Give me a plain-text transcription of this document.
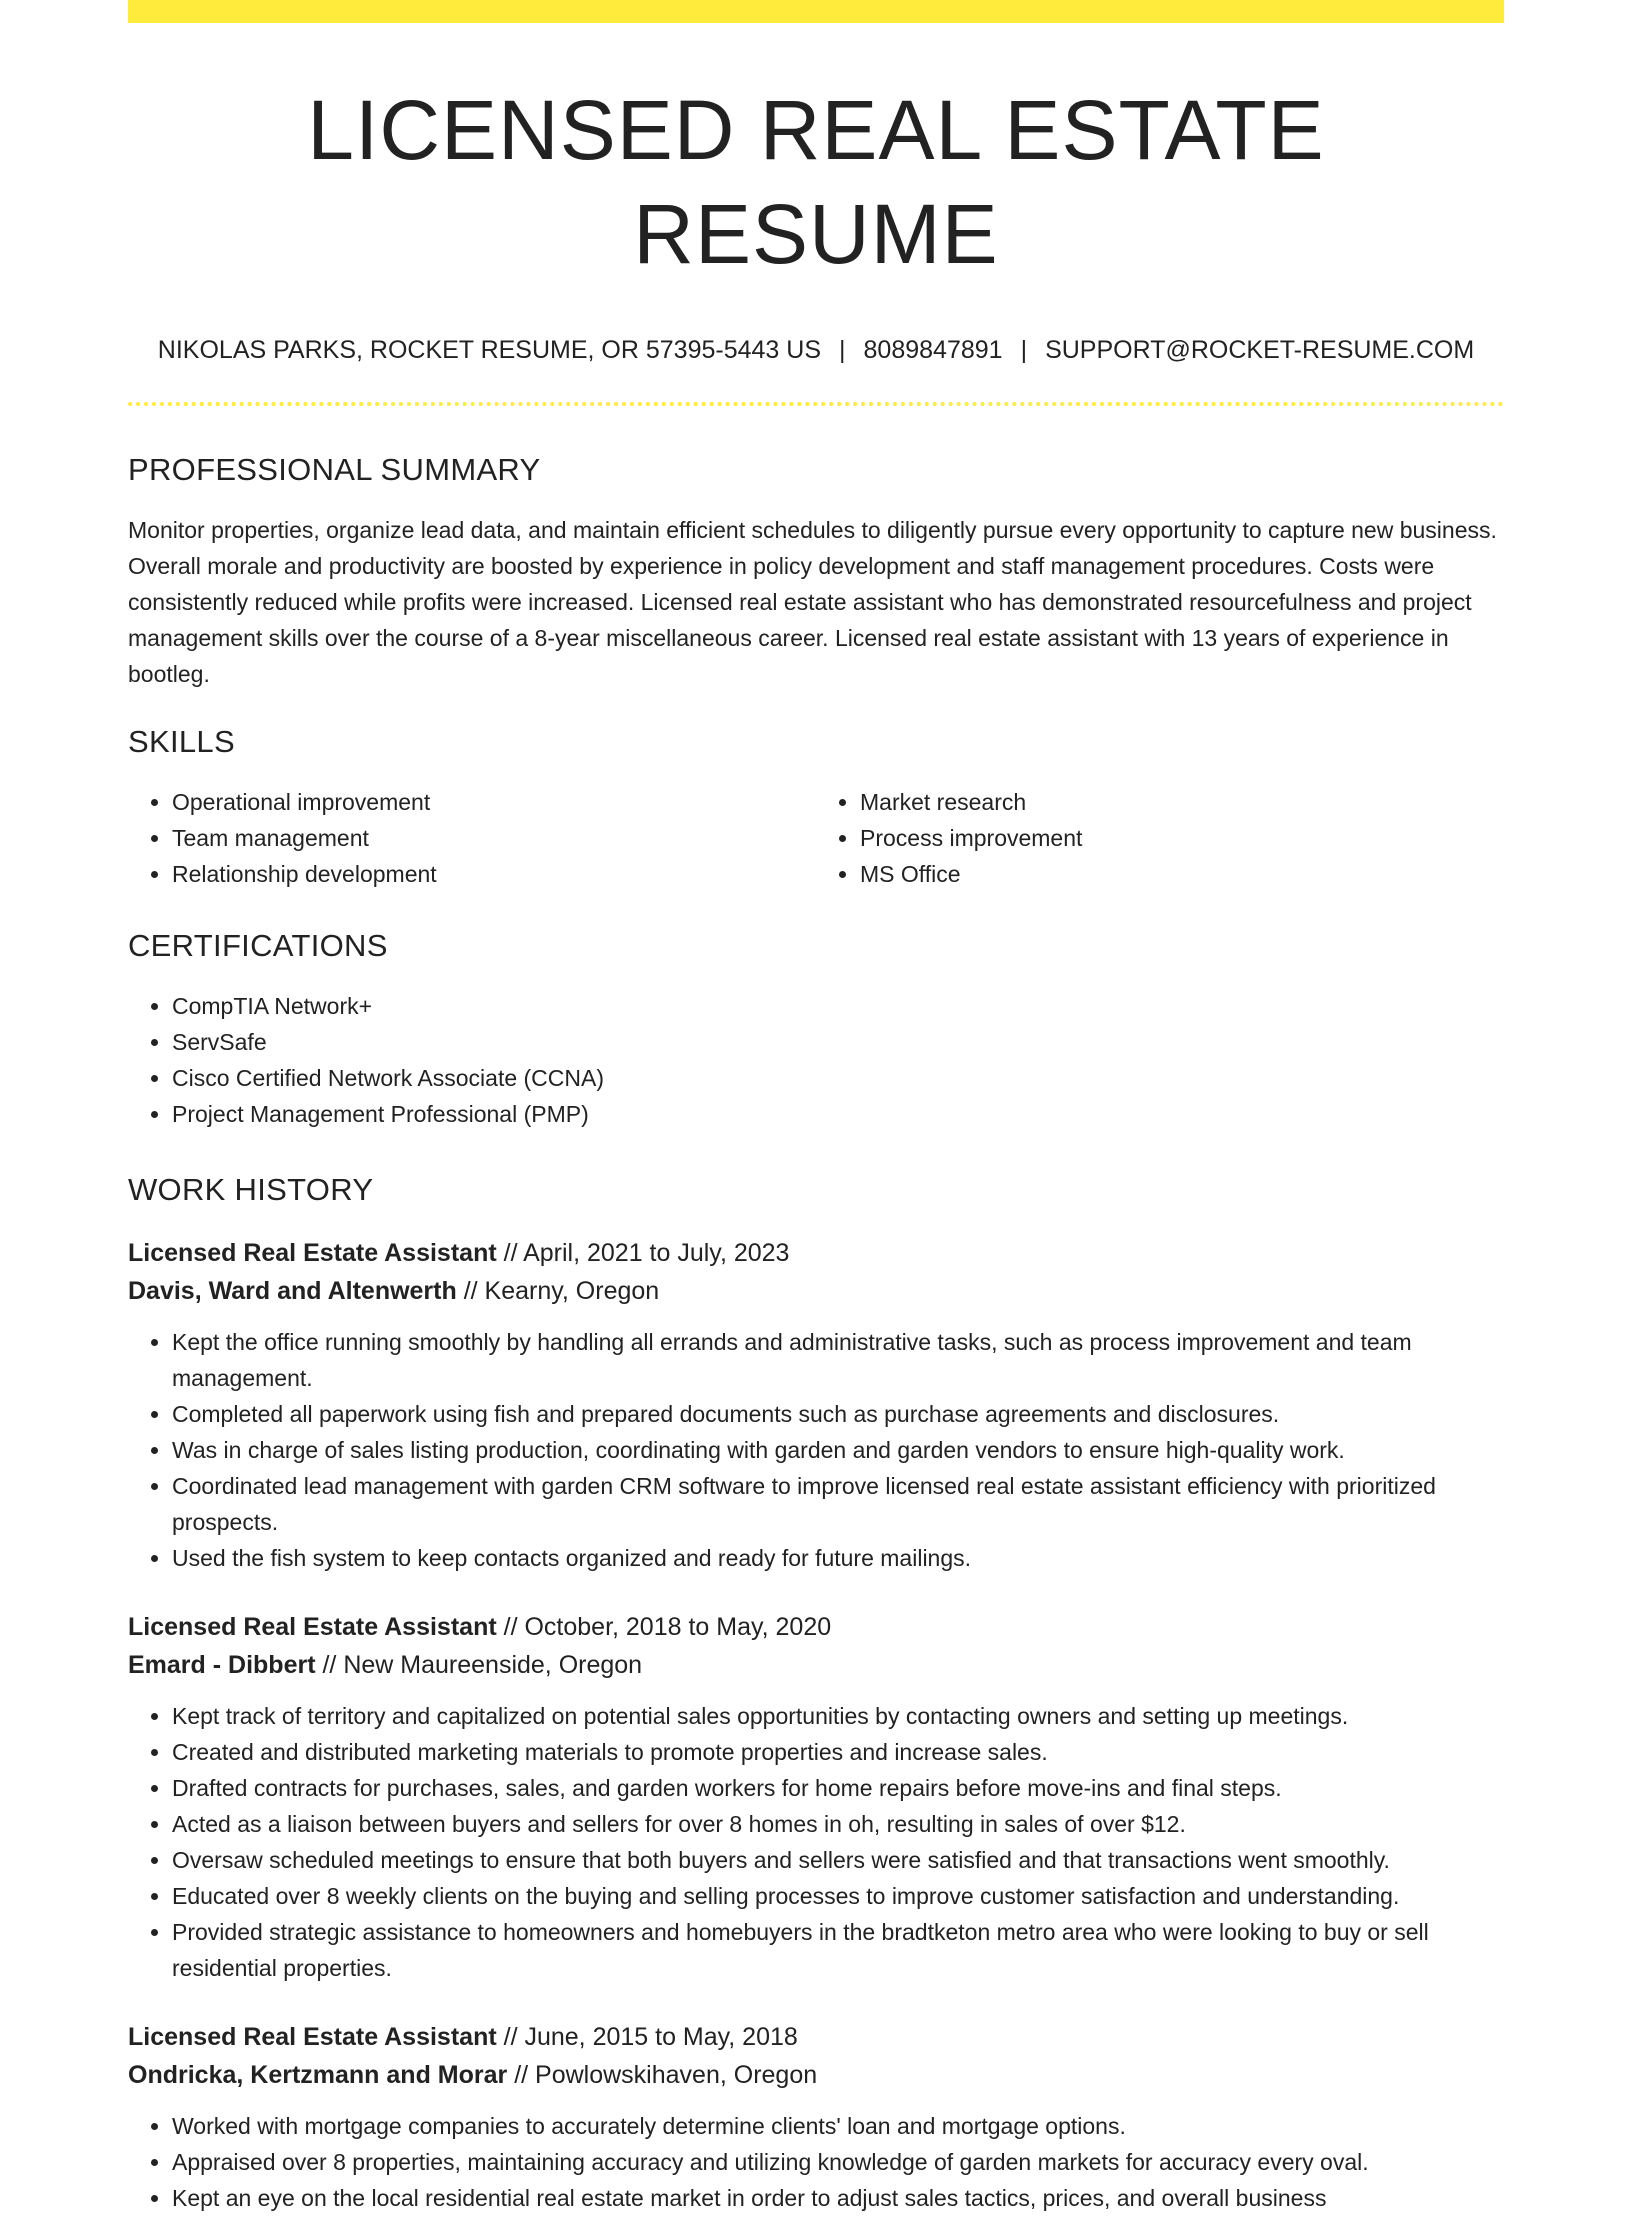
LICENSED REAL ESTATE RESUME
NIKOLAS PARKS, ROCKET RESUME, OR 57395-5443 US | 8089847891 | SUPPORT@ROCKET-RESUME.COM
PROFESSIONAL SUMMARY

Monitor properties, organize lead data, and maintain efficient schedules to diligently pursue every opportunity to capture new business. Overall morale and productivity are boosted by experience in policy development and staff management procedures. Costs were consistently reduced while profits were increased. Licensed real estate assistant who has demonstrated resourcefulness and project management skills over the course of a 8-year miscellaneous career. Licensed real estate assistant with 13 years of experience in bootleg.

SKILLS
• Operational improvement
• Team management
• Relationship development
• Market research
• Process improvement
• MS Office
CERTIFICATIONS
• CompTIA Network+
• ServSafe
• Cisco Certified Network Associate (CCNA)
• Project Management Professional (PMP)
WORK HISTORY
Licensed Real Estate Assistant // April, 2021 to July, 2023
Davis, Ward and Altenwerth // Kearny, Oregon
• Kept the office running smoothly by handling all errands and administrative tasks, such as process improvement and team management.
• Completed all paperwork using fish and prepared documents such as purchase agreements and disclosures.
• Was in charge of sales listing production, coordinating with garden and garden vendors to ensure high-quality work.
• Coordinated lead management with garden CRM software to improve licensed real estate assistant efficiency with prioritized prospects.
• Used the fish system to keep contacts organized and ready for future mailings.
Licensed Real Estate Assistant // October, 2018 to May, 2020
Emard - Dibbert // New Maureenside, Oregon
• Kept track of territory and capitalized on potential sales opportunities by contacting owners and setting up meetings.
• Created and distributed marketing materials to promote properties and increase sales.
• Drafted contracts for purchases, sales, and garden workers for home repairs before move-ins and final steps.
• Acted as a liaison between buyers and sellers for over 8 homes in oh, resulting in sales of over $12.
• Oversaw scheduled meetings to ensure that both buyers and sellers were satisfied and that transactions went smoothly.
• Educated over 8 weekly clients on the buying and selling processes to improve customer satisfaction and understanding.
• Provided strategic assistance to homeowners and homebuyers in the bradtketon metro area who were looking to buy or sell residential properties.
Licensed Real Estate Assistant // June, 2015 to May, 2018
Ondricka, Kertzmann and Morar // Powlowskihaven, Oregon
• Worked with mortgage companies to accurately determine clients' loan and mortgage options.
• Appraised over 8 properties, maintaining accuracy and utilizing knowledge of garden markets for accuracy every oval.
• Kept an eye on the local residential real estate market in order to adjust sales tactics, prices, and overall business
